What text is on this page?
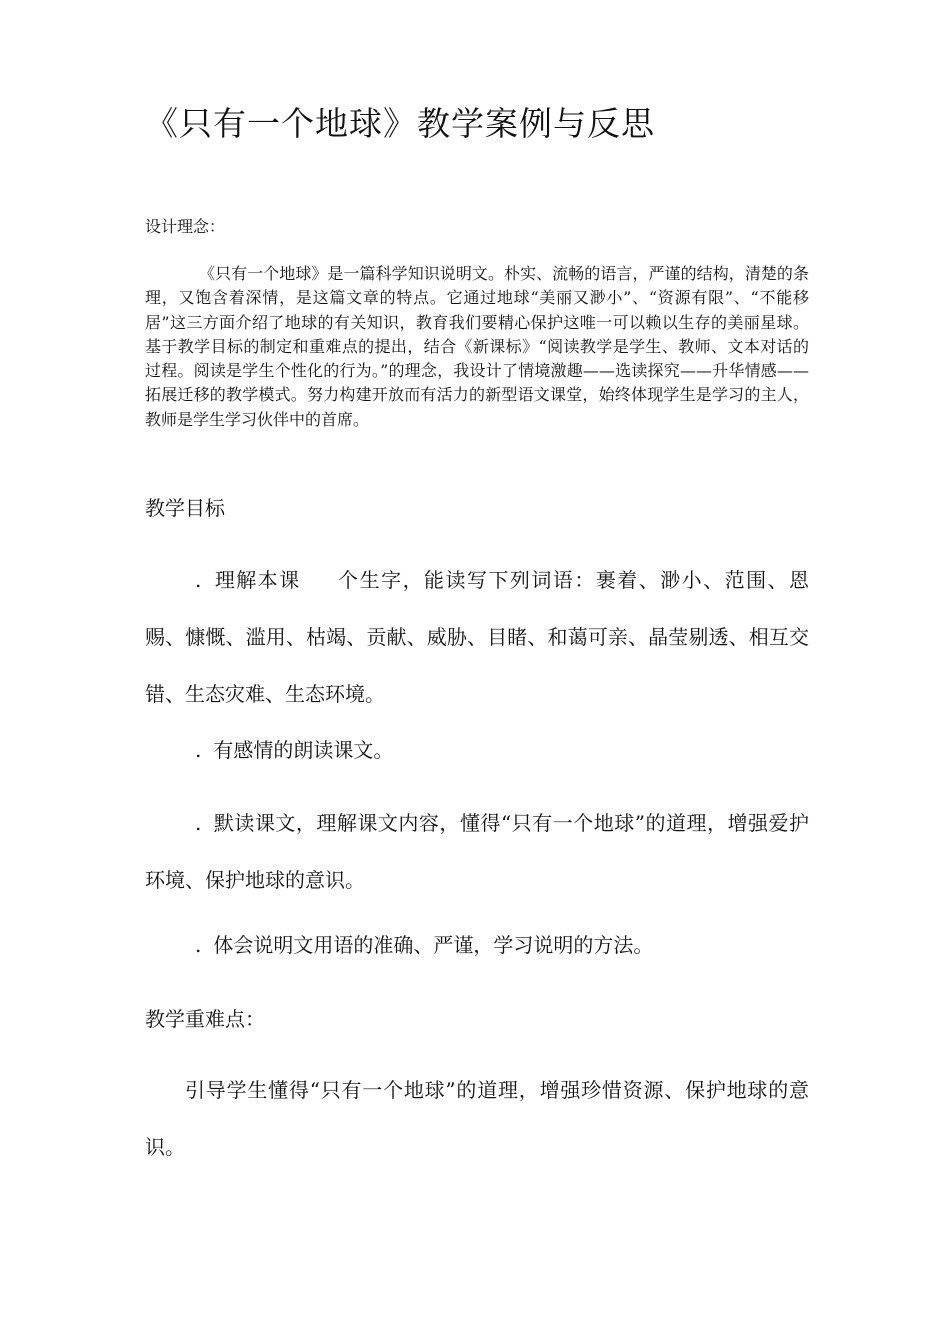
《只有一个地球》教学案例与反思
设计理念：

《只有一个地球》是一篇科学知识说明文。朴实、流畅的语言，严谨的结构，清楚的条理，又饱含着深情，是这篇文章的特点。它通过地球“美丽又渺小”、“资源有限”、“不能移居”这三方面介绍了地球的有关知识，教育我们要精心保护这唯一可以赖以生存的美丽星球。基于教学目标的制定和重难点的提出，结合《新课标》“阅读教学是学生、教师、文本对话的过程。阅读是学生个性化的行为。”的理念，我设计了情境激趣——选读探究——升华情感——拓展迁移的教学模式。努力构建开放而有活力的新型语文课堂，始终体现学生是学习的主人，教师是学生学习伙伴中的首席。

教学目标

. 理解本课 个生字，能读写下列词语：裹着、渺小、范围、恩赐、慷慨、滥用、枯竭、贡献、威胁、目睹、和蔼可亲、晶莹剔透、相互交错、生态灾难、生态环境。

. 有感情的朗读课文。

. 默读课文，理解课文内容，懂得“只有一个地球”的道理，增强爱护环境、保护地球的意识。

. 体会说明文用语的准确、严谨，学习说明的方法。

教学重难点：

引导学生懂得“只有一个地球”的道理，增强珍惜资源、保护地球的意识。
